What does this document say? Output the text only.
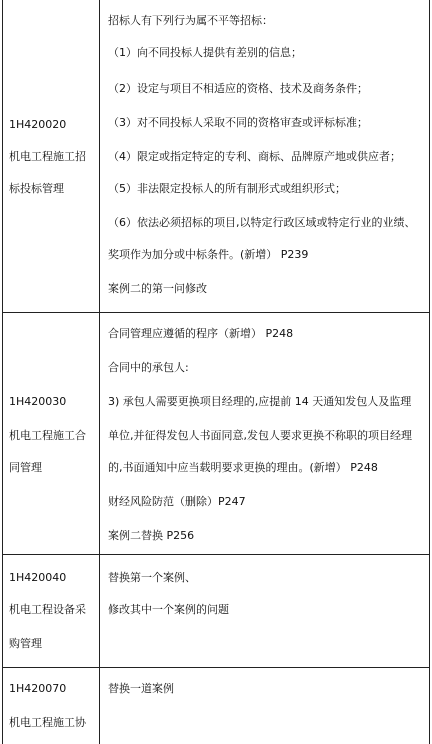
1H420020
机电工程施工招
标投标管理
招标人有下列行为属不平等招标：
（1）向不同投标人提供有差别的信息；
（2）设定与项目不相适应的资格、技术及商务条件；
（3）对不同投标人采取不同的资格审查或评标标准；
（4）限定或指定特定的专利、商标、品牌原产地或供应者；
（5）非法限定投标人的所有制形式或组织形式；
（6）依法必须招标的项目,以特定行政区域或特定行业的业绩、
奖项作为加分或中标条件。(新增） P239
案例二的第一问修改
1H420030
机电工程施工合
同管理
合同管理应遵循的程序（新增） P248
合同中的承包人:
3) 承包人需要更换项目经理的,应提前 14 天通知发包人及监理
单位,并征得发包人书面同意,发包人要求更换不称职的项目经理
的,书面通知中应当载明要求更换的理由。(新增） P248
财经风险防范（删除）P247
案例二替换 P256
1H420040
机电工程设备采
购管理
替换第一个案例、
修改其中一个案例的问题
1H420070
机电工程施工协
替换一道案例
